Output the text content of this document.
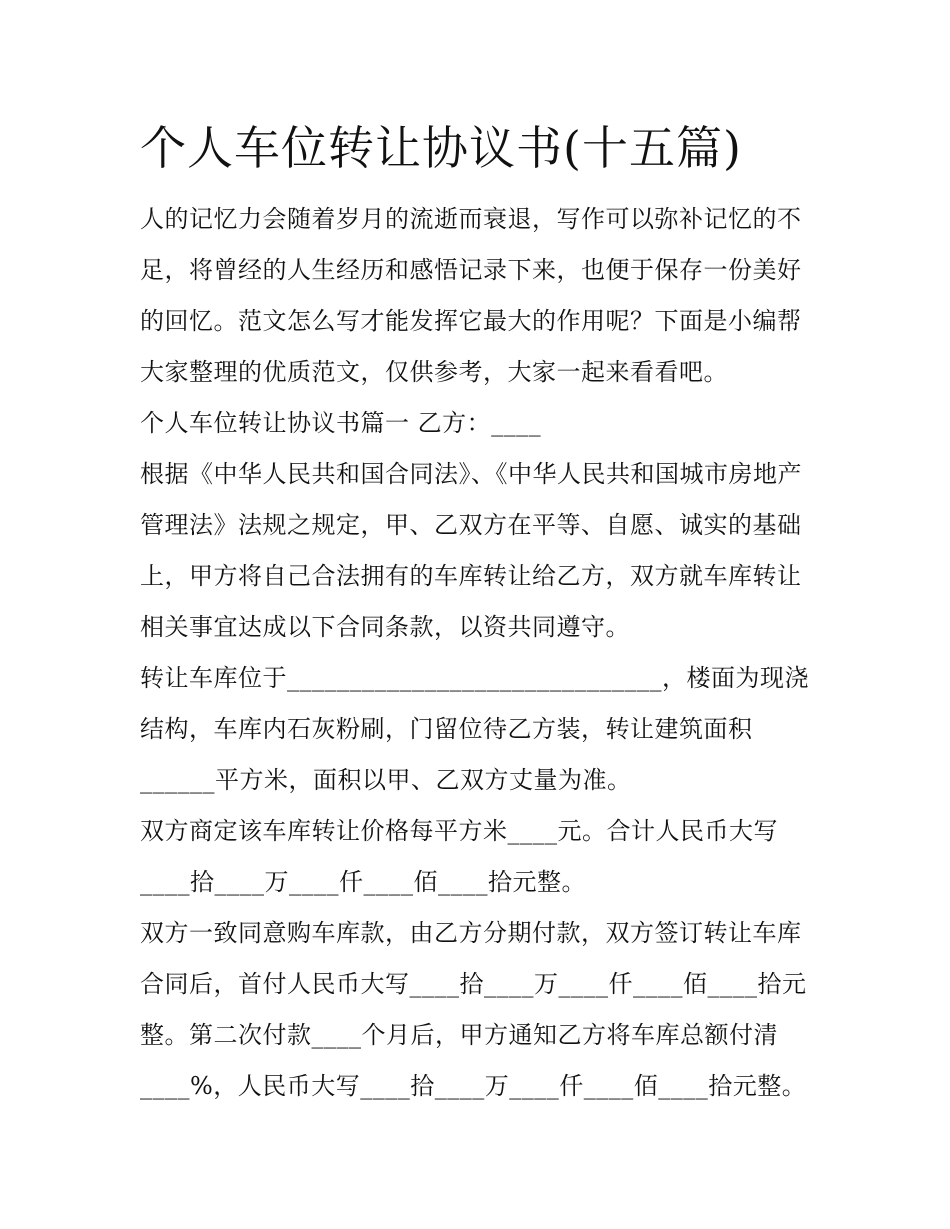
个人车位转让协议书(十五篇)

人的记忆力会随着岁月的流逝而衰退，写作可以弥补记忆的不足，将曾经的人生经历和感悟记录下来，也便于保存一份美好的回忆。范文怎么写才能发挥它最大的作用呢？下面是小编帮大家整理的优质范文，仅供参考，大家一起来看看吧。

个人车位转让协议书篇一 乙方：____

根据《中华人民共和国合同法》、《中华人民共和国城市房地产管理法》法规之规定，甲、乙双方在平等、自愿、诚实的基础上，甲方将自己合法拥有的车库转让给乙方，双方就车库转让相关事宜达成以下合同条款，以资共同遵守。

转让车库位于______________________________，楼面为现浇结构，车库内石灰粉刷，门留位待乙方装，转让建筑面积______平方米，面积以甲、乙双方丈量为准。

双方商定该车库转让价格每平方米____元。合计人民币大写____拾____万____仟____佰____拾元整。

双方一致同意购车库款，由乙方分期付款，双方签订转让车库合同后，首付人民币大写____拾____万____仟____佰____拾元整。第二次付款____个月后，甲方通知乙方将车库总额付清____%，人民币大写____拾____万____仟____佰____拾元整。
